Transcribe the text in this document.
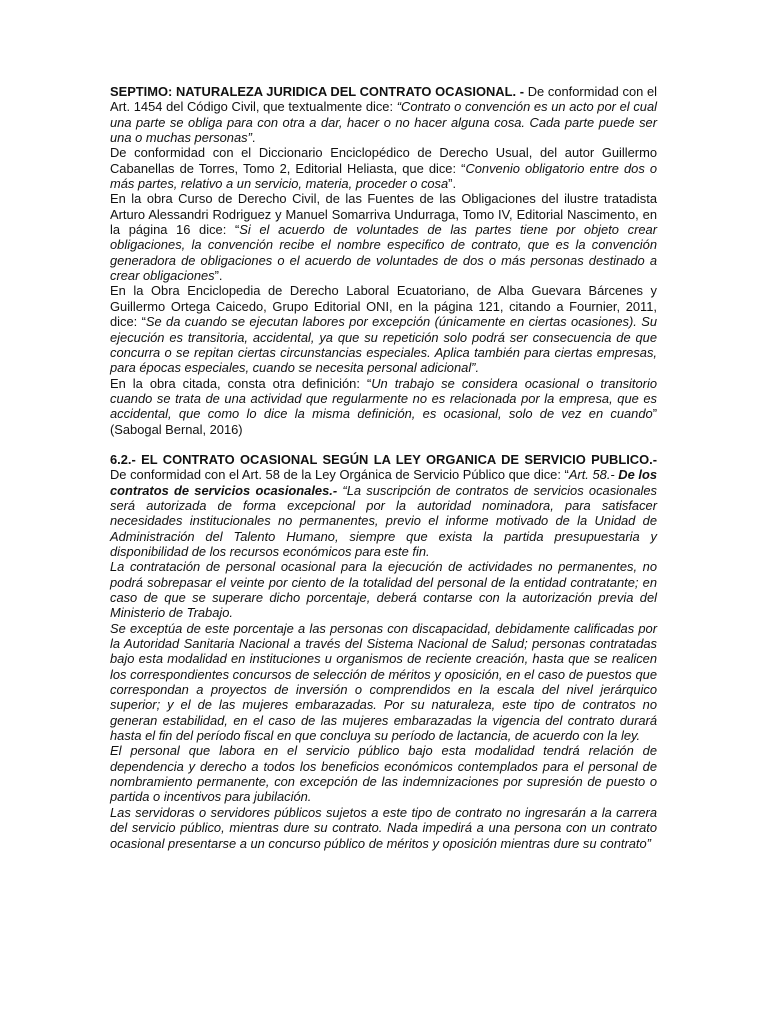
SEPTIMO: NATURALEZA JURIDICA DEL CONTRATO OCASIONAL. - De conformidad con el Art. 1454 del Código Civil, que textualmente dice: “Contrato o convención es un acto por el cual una parte se obliga para con otra a dar, hacer o no hacer alguna cosa. Cada parte puede ser una o muchas personas”.

De conformidad con el Diccionario Enciclopédico de Derecho Usual, del autor Guillermo Cabanellas de Torres, Tomo 2, Editorial Heliasta, que dice: “Convenio obligatorio entre dos o más partes, relativo a un servicio, materia, proceder o cosa”.

En la obra Curso de Derecho Civil, de las Fuentes de las Obligaciones del ilustre tratadista Arturo Alessandri Rodriguez y Manuel Somarriva Undurraga, Tomo IV, Editorial Nascimento, en la página 16 dice: “Si el acuerdo de voluntades de las partes tiene por objeto crear obligaciones, la convención recibe el nombre especifico de contrato, que es la convención generadora de obligaciones o el acuerdo de voluntades de dos o más personas destinado a crear obligaciones”.

En la Obra Enciclopedia de Derecho Laboral Ecuatoriano, de Alba Guevara Bárcenes y Guillermo Ortega Caicedo, Grupo Editorial ONI, en la página 121, citando a Fournier, 2011, dice: “Se da cuando se ejecutan labores por excepción (únicamente en ciertas ocasiones). Su ejecución es transitoria, accidental, ya que su repetición solo podrá ser consecuencia de que concurra o se repitan ciertas circunstancias especiales. Aplica también para ciertas empresas, para épocas especiales, cuando se necesita personal adicional”.

En la obra citada, consta otra definición: “Un trabajo se considera ocasional o transitorio cuando se trata de una actividad que regularmente no es relacionada por la empresa, que es accidental, que como lo dice la misma definición, es ocasional, solo de vez en cuando” (Sabogal Bernal, 2016)

6.2.- EL CONTRATO OCASIONAL SEGÚN LA LEY ORGANICA DE SERVICIO PUBLICO.- De conformidad con el Art. 58 de la Ley Orgánica de Servicio Público que dice: “Art. 58.- De los contratos de servicios ocasionales.- “La suscripción de contratos de servicios ocasionales será autorizada de forma excepcional por la autoridad nominadora, para satisfacer necesidades institucionales no permanentes, previo el informe motivado de la Unidad de Administración del Talento Humano, siempre que exista la partida presupuestaria y disponibilidad de los recursos económicos para este fin.

La contratación de personal ocasional para la ejecución de actividades no permanentes, no podrá sobrepasar el veinte por ciento de la totalidad del personal de la entidad contratante; en caso de que se superare dicho porcentaje, deberá contarse con la autorización previa del Ministerio de Trabajo.

Se exceptúa de este porcentaje a las personas con discapacidad, debidamente calificadas por la Autoridad Sanitaria Nacional a través del Sistema Nacional de Salud; personas contratadas bajo esta modalidad en instituciones u organismos de reciente creación, hasta que se realicen los correspondientes concursos de selección de méritos y oposición, en el caso de puestos que correspondan a proyectos de inversión o comprendidos en la escala del nivel jerárquico superior; y el de las mujeres embarazadas. Por su naturaleza, este tipo de contratos no generan estabilidad, en el caso de las mujeres embarazadas la vigencia del contrato durará hasta el fin del período fiscal en que concluya su período de lactancia, de acuerdo con la ley.

El personal que labora en el servicio público bajo esta modalidad tendrá relación de dependencia y derecho a todos los beneficios económicos contemplados para el personal de nombramiento permanente, con excepción de las indemnizaciones por supresión de puesto o partida o incentivos para jubilación.

Las servidoras o servidores públicos sujetos a este tipo de contrato no ingresarán a la carrera del servicio público, mientras dure su contrato. Nada impedirá a una persona con un contrato ocasional presentarse a un concurso público de méritos y oposición mientras dure su contrato”
